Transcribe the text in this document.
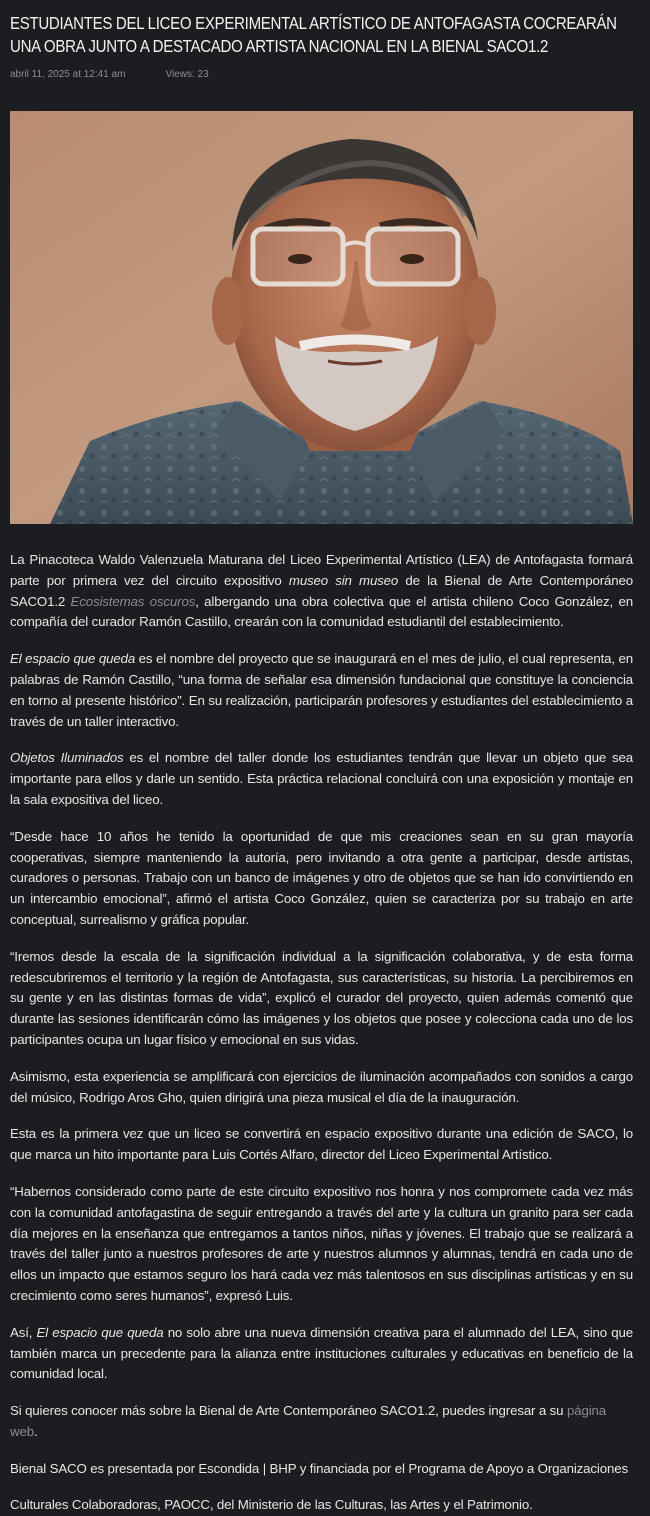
ESTUDIANTES DEL LICEO EXPERIMENTAL ARTÍSTICO DE ANTOFAGASTA COCREARÁN UNA OBRA JUNTO A DESTACADO ARTISTA NACIONAL EN LA BIENAL SACO1.2
abril 11, 2025 at 12:41 am	Views: 23

La Pinacoteca Waldo Valenzuela Maturana del Liceo Experimental Artístico (LEA) de Antofagasta formará parte por primera vez del circuito expositivo museo sin museo de la Bienal de Arte Contemporáneo SACO1.2 Ecosistemas oscuros, albergando una obra colectiva que el artista chileno Coco González, en compañía del curador Ramón Castillo, crearán con la comunidad estudiantil del establecimiento.

El espacio que queda es el nombre del proyecto que se inaugurará en el mes de julio, el cual representa, en palabras de Ramón Castillo, “una forma de señalar esa dimensión fundacional que constituye la conciencia en torno al presente histórico”. En su realización, participarán profesores y estudiantes del establecimiento a través de un taller interactivo.

Objetos Iluminados es el nombre del taller donde los estudiantes tendrán que llevar un objeto que sea importante para ellos y darle un sentido. Esta práctica relacional concluirá con una exposición y montaje en la sala expositiva del liceo.

“Desde hace 10 años he tenido la oportunidad de que mis creaciones sean en su gran mayoría cooperativas, siempre manteniendo la autoría, pero invitando a otra gente a participar, desde artistas, curadores o personas. Trabajo con un banco de imágenes y otro de objetos que se han ido convirtiendo en un intercambio emocional”, afirmó el artista Coco González, quien se caracteriza por su trabajo en arte conceptual, surrealismo y gráfica popular.

“Iremos desde la escala de la significación individual a la significación colaborativa, y de esta forma redescubriremos el territorio y la región de Antofagasta, sus características, su historia. La percibiremos en su gente y en las distintas formas de vida”, explicó el curador del proyecto, quien además comentó que durante las sesiones identificarán cómo las imágenes y los objetos que posee y colecciona cada uno de los participantes ocupa un lugar físico y emocional en sus vidas.

Asimismo, esta experiencia se amplificará con ejercicios de iluminación acompañados con sonidos a cargo del músico, Rodrigo Aros Gho, quien dirigirá una pieza musical el día de la inauguración.

Esta es la primera vez que un liceo se convertirá en espacio expositivo durante una edición de SACO, lo que marca un hito importante para Luis Cortés Alfaro, director del Liceo Experimental Artístico.

“Habernos considerado como parte de este circuito expositivo nos honra y nos compromete cada vez más con la comunidad antofagastina de seguir entregando a través del arte y la cultura un granito para ser cada día mejores en la enseñanza que entregamos a tantos niños, niñas y jóvenes. El trabajo que se realizará a través del taller junto a nuestros profesores de arte y nuestros alumnos y alumnas, tendrá en cada uno de ellos un impacto que estamos seguro los hará cada vez más talentosos en sus disciplinas artísticas y en su crecimiento como seres humanos”, expresó Luis.

Así, El espacio que queda no solo abre una nueva dimensión creativa para el alumnado del LEA, sino que también marca un precedente para la alianza entre instituciones culturales y educativas en beneficio de la comunidad local.

Si quieres conocer más sobre la Bienal de Arte Contemporáneo SACO1.2, puedes ingresar a su página web.

Bienal SACO es presentada por Escondida | BHP y financiada por el Programa de Apoyo a Organizaciones

Culturales Colaboradoras, PAOCC, del Ministerio de las Culturas, las Artes y el Patrimonio.
